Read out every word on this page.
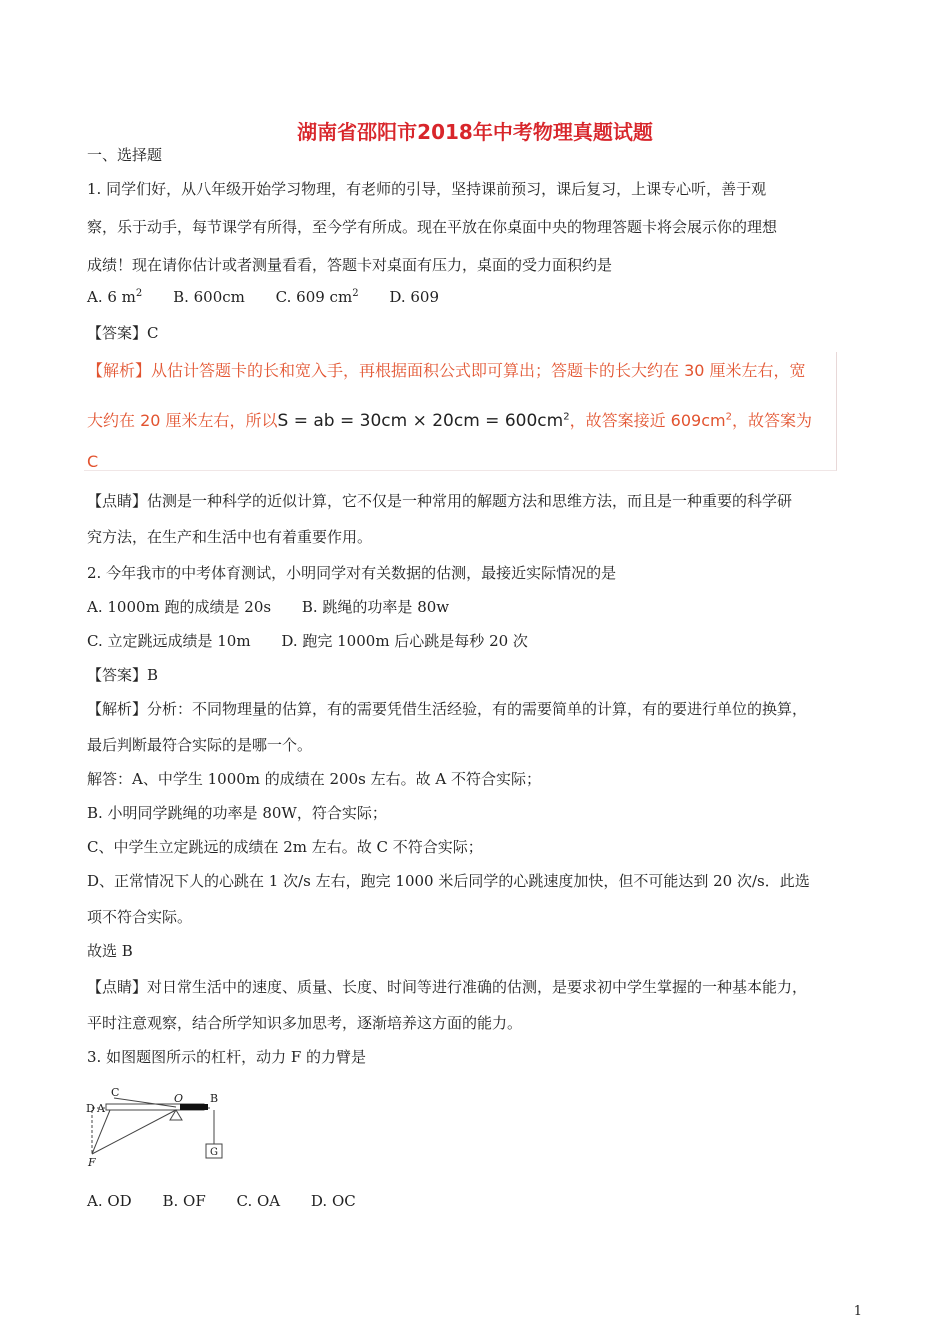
湖南省邵阳市2018年中考物理真题试题
一、选择题
1. 同学们好，从八年级开始学习物理，有老师的引导，坚持课前预习，课后复习，上课专心听，善于观
察，乐于动手，每节课学有所得，至今学有所成。现在平放在你桌面中央的物理答题卡将会展示你的理想
成绩！现在请你估计或者测量看看，答题卡对桌面有压力，桌面的受力面积约是
A. 6 $m^2$ B. 600cm C. 609 $cm^2$ D. 609
【答案】C
【解析】从估计答题卡的长和宽入手，再根据面积公式即可算出；答题卡的长大约在 30 厘米左右，宽
大约在 20 厘米左右，所以S = ab = $30cm \times 20cm = 600cm^2$，故答案接近 $609cm^2$，故答案为
C
【点睛】估测是一种科学的近似计算，它不仅是一种常用的解题方法和思维方法，而且是一种重要的科学研
究方法，在生产和生活中也有着重要作用。
2. 今年我市的中考体育测试，小明同学对有关数据的估测，最接近实际情况的是
A. 1000m 跑的成绩是 20s B. 跳绳的功率是 80w
C. 立定跳远成绩是 10m D. 跑完 1000m 后心跳是每秒 20 次
【答案】B
【解析】分析：不同物理量的估算，有的需要凭借生活经验，有的需要简单的计算，有的要进行单位的换算，
最后判断最符合实际的是哪一个。
解答：A、中学生 1000m 的成绩在 200s 左右。故 A 不符合实际；
B. 小明同学跳绳的功率是 80W，符合实际；
C、中学生立定跳远的成绩在 2m 左右。故 C 不符合实际；
D、正常情况下人的心跳在 1 次/s 左右，跑完 1000 米后同学的心跳速度加快，但不可能达到 20 次/s．此选
项不符合实际。
故选 B
【点睛】对日常生活中的速度、质量、长度、时间等进行准确的估测，是要求初中学生掌握的一种基本能力，
平时注意观察，结合所学知识多加思考，逐渐培养这方面的能力。
3. 如图题图所示的杠杆，动力 F 的力臂是
D A
C	O B
F
G
A. OD B. OF C. OA D. OC
1
